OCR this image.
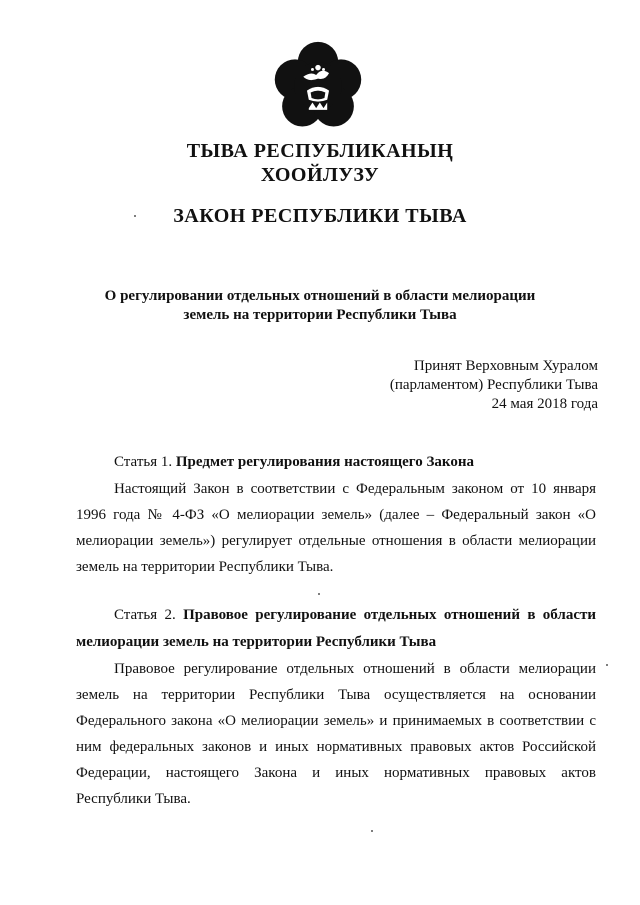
ТЫВА РЕСПУБЛИКАНЫҢ
ХООЙЛУЗУ
ЗАКОН РЕСПУБЛИКИ ТЫВА
О регулировании отдельных отношений в области мелиорации
земель на территории Республики Тыва
Принят Верховным Хуралом
(парламентом) Республики Тыва
24 мая 2018 года
Статья 1. Предмет регулирования настоящего Закона
Настоящий Закон в соответствии с Федеральным законом от 10 января
1996 года № 4-ФЗ «О мелиорации земель» (далее – Федеральный закон «О
мелиорации земель») регулирует отдельные отношения в области мелиорации
земель на территории Республики Тыва.
Статья 2. Правовое регулирование отдельных отношений в области
мелиорации земель на территории Республики Тыва
Правовое регулирование отдельных отношений в области мелиорации
земель на территории Республики Тыва осуществляется на основании
Федерального закона «О мелиорации земель» и принимаемых в соответствии с
ним федеральных законов и иных нормативных правовых актов Российской
Федерации, настоящего Закона и иных нормативных правовых актов
Республики Тыва.
